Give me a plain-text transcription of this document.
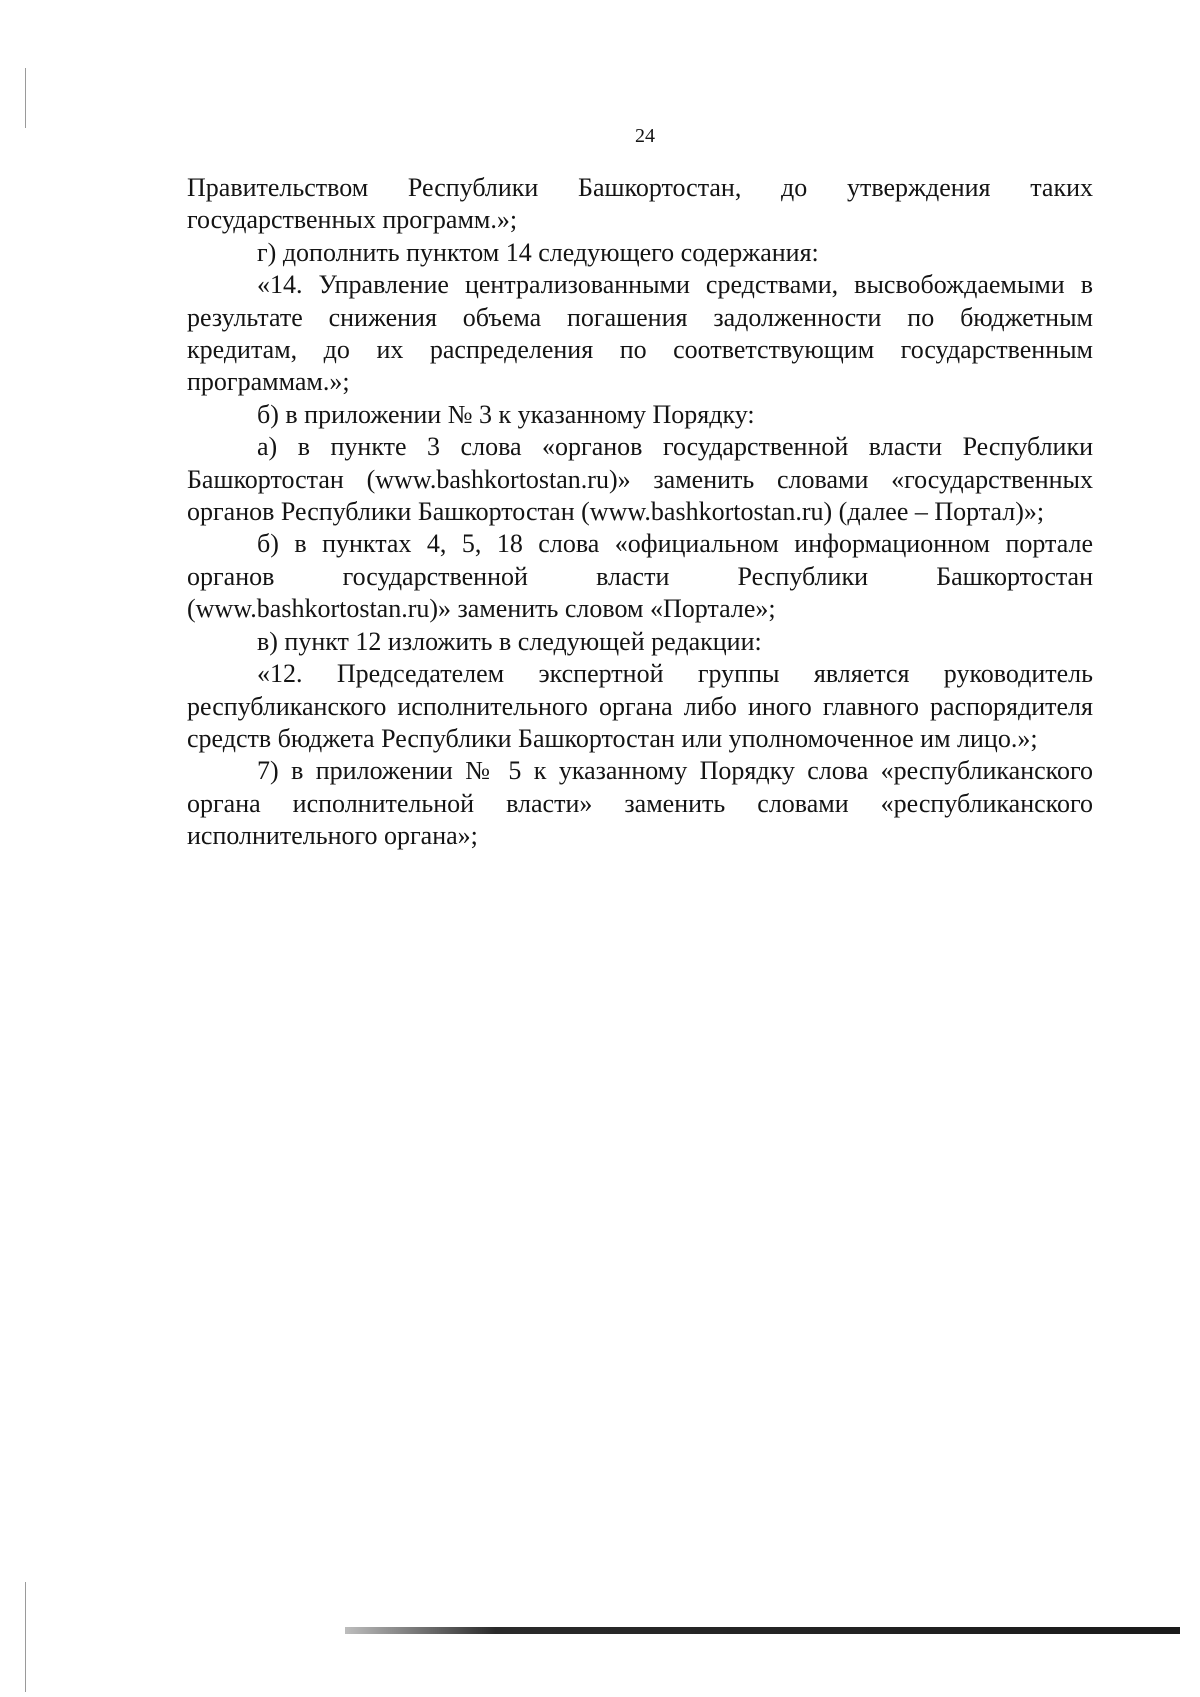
24

Правительством Республики Башкортостан, до утверждения таких государственных программ.»;

г) дополнить пунктом 14 следующего содержания:

«14. Управление централизованными средствами, высвобождаемыми в результате снижения объема погашения задолженности по бюджетным кредитам, до их распределения по соответствующим государственным программам.»;

б) в приложении № 3 к указанному Порядку:

а) в пункте 3 слова «органов государственной власти Республики Башкортостан (www.bashkortostan.ru)» заменить словами «государственных органов Республики Башкортостан (www.bashkortostan.ru) (далее – Портал)»;

б) в пунктах 4, 5, 18 слова «официальном информационном портале органов государственной власти Республики Башкортостан (www.bashkortostan.ru)» заменить словом «Портале»;

в) пункт 12 изложить в следующей редакции:

«12. Председателем экспертной группы является руководитель республиканского исполнительного органа либо иного главного распорядителя средств бюджета Республики Башкортостан или уполномоченное им лицо.»;

7) в приложении № 5 к указанному Порядку слова «республиканского органа исполнительной власти» заменить словами «республиканского исполнительного органа»;
